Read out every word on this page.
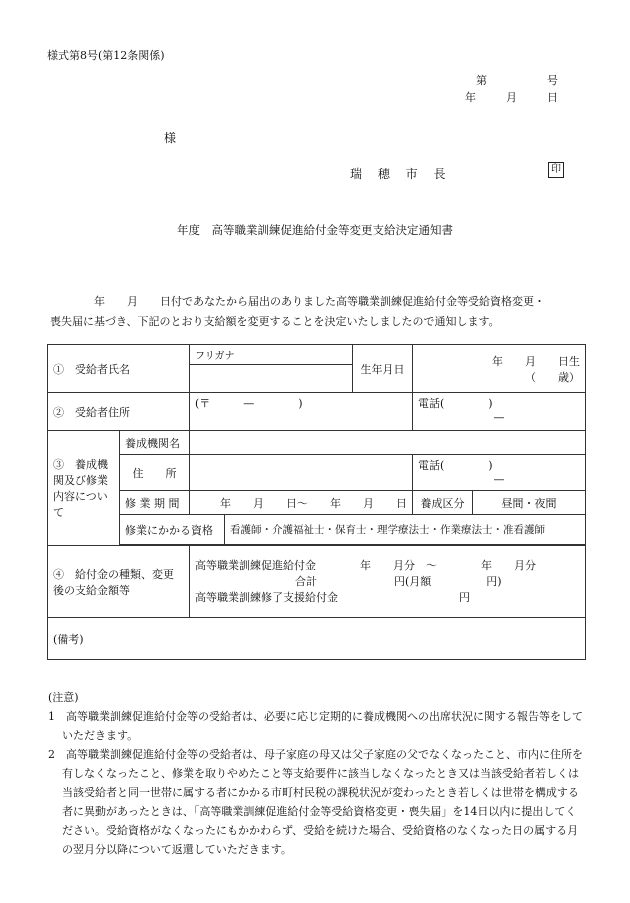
様式第8号(第12条関係)
第	号
年	月	日
様
瑞 穂 市 長	印
年度　高等職業訓練促進給付金等変更支給決定通知書

年　　月　　日付であなたから届出のありました高等職業訓練促進給付金等受給資格変更・

喪失届に基づき、下記のとおり支給額を変更することを決定いたしましたので通知します。

①　受給者氏名		フリガナ		生年月日	年　　月　　日生
（　　歳）	

②　受給者住所		(〒　　　—　　　　)			電話(　　　　)
—	

③　養成機関及び修業内容について	養成機関名					
	住　　所				電話(　　　　)
—	

	修 業 期 間	年　　月　　日〜　　年　　月　　日			養成区分	昼間・夜間
	修業にかかる資格		看護師・介護福祉士・保育士・理学療法士・作業療法士・准看護師			

④　給付金の種類、変更後の支給金額等		高等職業訓練促進給付金　　　　年　　月分　〜　　　　年　　月分
合計　　　　　　　円(月額　　　　　円)
高等職業訓練修了支援給付金　　　　　　　　　　　円				

(備考)						

(注意)

1　高等職業訓練促進給付金等の受給者は、必要に応じ定期的に養成機関への出席状況に関する報告等をしていただきます。

2　高等職業訓練促進給付金等の受給者は、母子家庭の母又は父子家庭の父でなくなったこと、市内に住所を有しなくなったこと、修業を取りやめたこと等支給要件に該当しなくなったとき又は当該受給者若しくは当該受給者と同一世帯に属する者にかかる市町村民税の課税状況が変わったとき若しくは世帯を構成する者に異動があったときは、「高等職業訓練促進給付金等受給資格変更・喪失届」を14日以内に提出してください。受給資格がなくなったにもかかわらず、受給を続けた場合、受給資格のなくなった日の属する月の翌月分以降について返還していただきます。
